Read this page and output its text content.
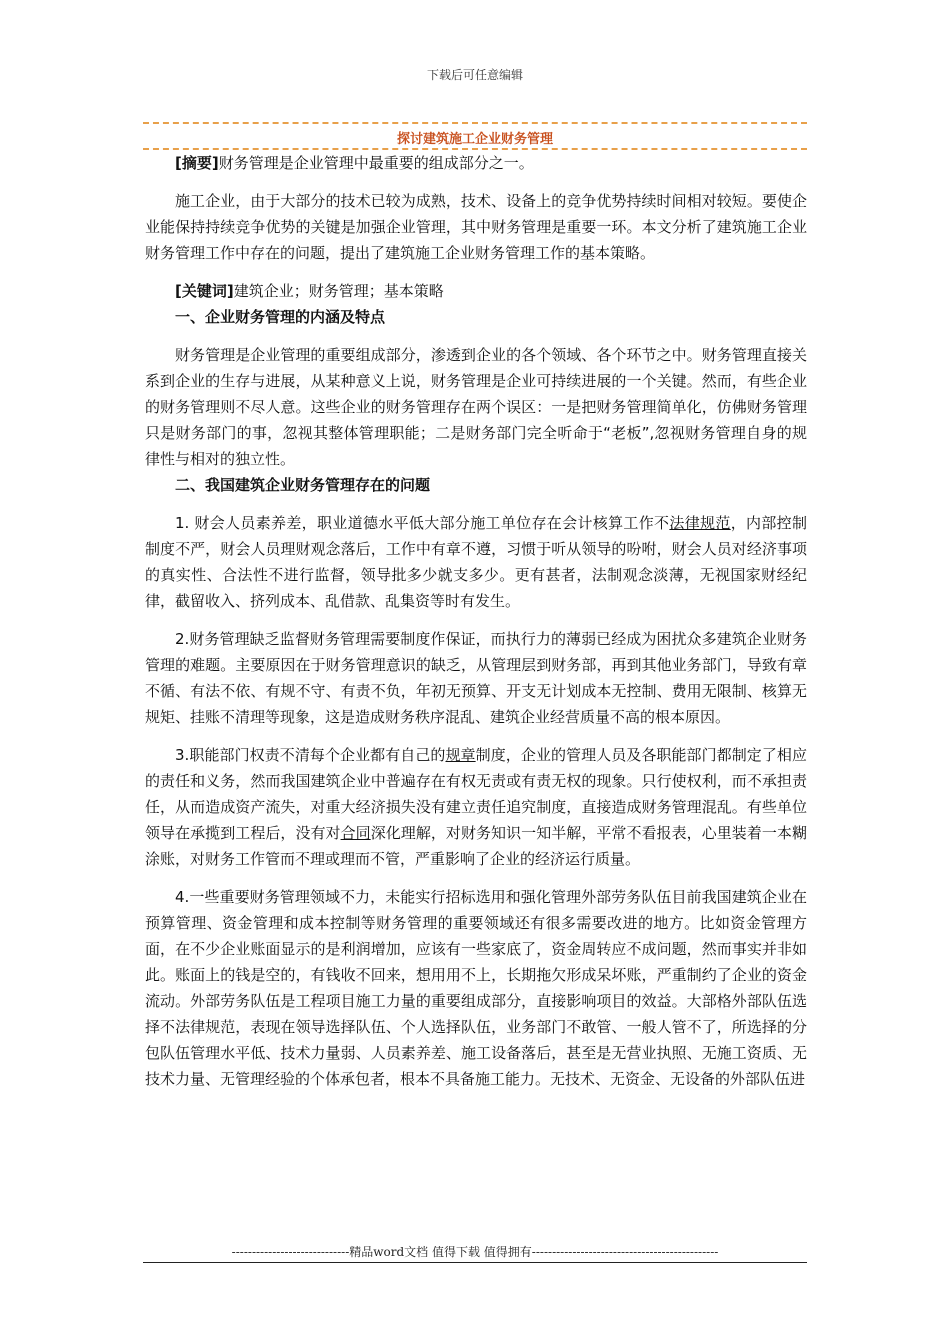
下载后可任意编辑
探讨建筑施工企业财务管理

[摘要]财务管理是企业管理中最重要的组成部分之一。

施工企业，由于大部分的技术已较为成熟，技术、设备上的竞争优势持续时间相对较短。要使企业能保持持续竞争优势的关键是加强企业管理，其中财务管理是重要一环。本文分析了建筑施工企业财务管理工作中存在的问题，提出了建筑施工企业财务管理工作的基本策略。

[关键词]建筑企业；财务管理；基本策略

一、企业财务管理的内涵及特点

财务管理是企业管理的重要组成部分，渗透到企业的各个领域、各个环节之中。财务管理直接关系到企业的生存与进展，从某种意义上说，财务管理是企业可持续进展的一个关键。然而，有些企业的财务管理则不尽人意。这些企业的财务管理存在两个误区：一是把财务管理简单化，仿佛财务管理只是财务部门的事，忽视其整体管理职能；二是财务部门完全听命于“老板”,忽视财务管理自身的规律性与相对的独立性。

二、我国建筑企业财务管理存在的问题

1. 财会人员素养差，职业道德水平低大部分施工单位存在会计核算工作不法律规范，内部控制制度不严，财会人员理财观念落后，工作中有章不遵，习惯于听从领导的吩咐，财会人员对经济事项的真实性、合法性不进行监督，领导批多少就支多少。更有甚者，法制观念淡薄，无视国家财经纪律，截留收入、挤列成本、乱借款、乱集资等时有发生。

2.财务管理缺乏监督财务管理需要制度作保证，而执行力的薄弱已经成为困扰众多建筑企业财务管理的难题。主要原因在于财务管理意识的缺乏，从管理层到财务部，再到其他业务部门，导致有章不循、有法不依、有规不守、有责不负，年初无预算、开支无计划成本无控制、费用无限制、核算无规矩、挂账不清理等现象，这是造成财务秩序混乱、建筑企业经营质量不高的根本原因。

3.职能部门权责不清每个企业都有自己的规章制度，企业的管理人员及各职能部门都制定了相应的责任和义务，然而我国建筑企业中普遍存在有权无责或有责无权的现象。只行使权利，而不承担责任，从而造成资产流失，对重大经济损失没有建立责任追究制度，直接造成财务管理混乱。有些单位领导在承揽到工程后，没有对合同深化理解，对财务知识一知半解，平常不看报表，心里装着一本糊涂账，对财务工作管而不理或理而不管，严重影响了企业的经济运行质量。

4.一些重要财务管理领域不力，未能实行招标选用和强化管理外部劳务队伍目前我国建筑企业在预算管理、资金管理和成本控制等财务管理的重要领域还有很多需要改进的地方。比如资金管理方面，在不少企业账面显示的是利润增加，应该有一些家底了，资金周转应不成问题，然而事实并非如此。账面上的钱是空的，有钱收不回来，想用用不上，长期拖欠形成呆坏账，严重制约了企业的资金流动。外部劳务队伍是工程项目施工力量的重要组成部分，直接影响项目的效益。大部格外部队伍选择不法律规范，表现在领导选择队伍、个人选择队伍，业务部门不敢管、一般人管不了，所选择的分包队伍管理水平低、技术力量弱、人员素养差、施工设备落后，甚至是无营业执照、无施工资质、无技术力量、无管理经验的个体承包者，根本不具备施工能力。无技术、无资金、无设备的外部队伍进

-----------------------------精品word文档 值得下载 值得拥有----------------------------------------------
